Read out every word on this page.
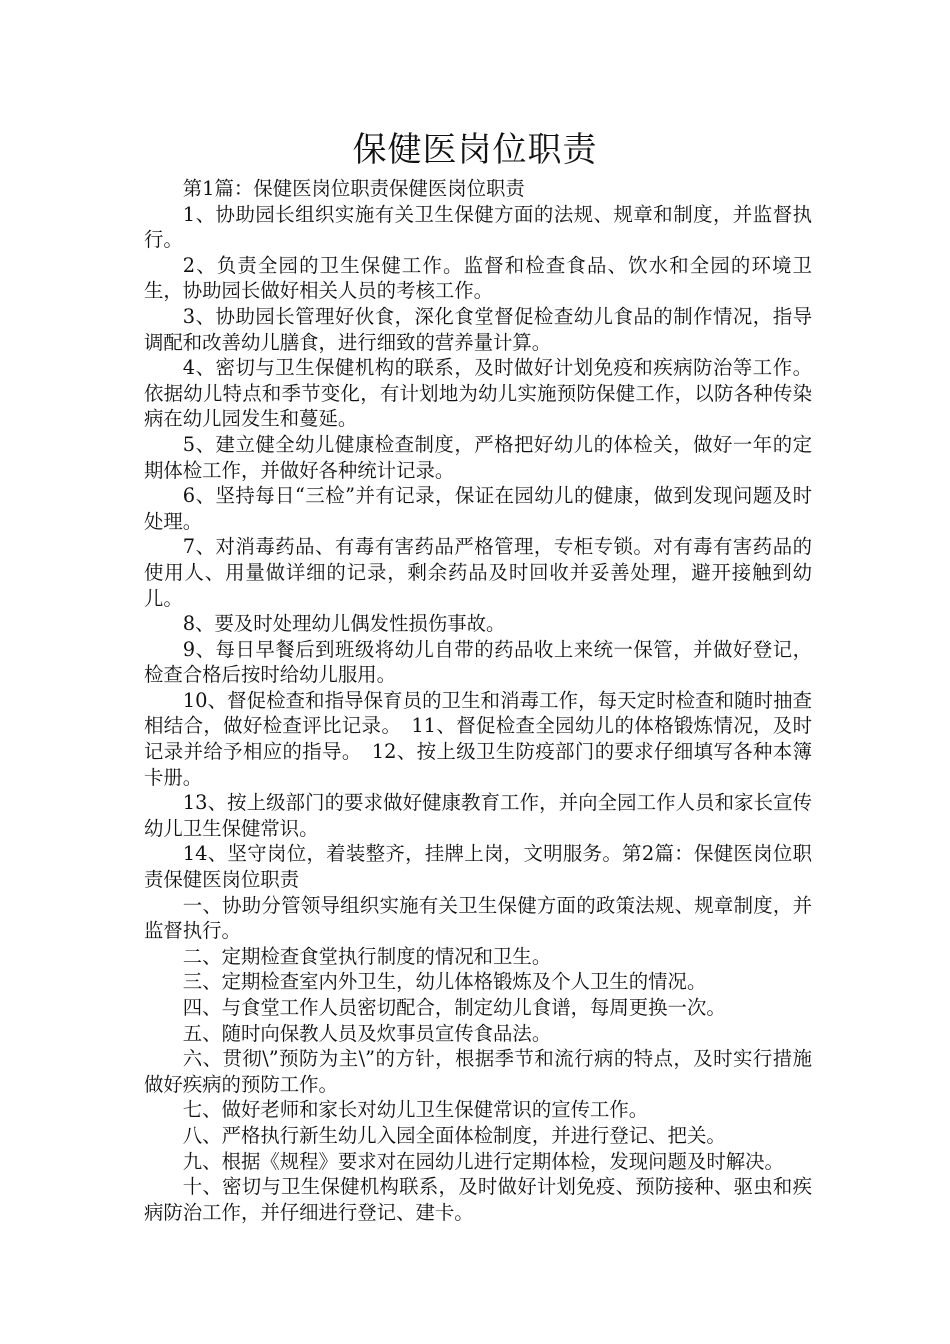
保健医岗位职责

第1篇：保健医岗位职责保健医岗位职责

1、协助园长组织实施有关卫生保健方面的法规、规章和制度，并监督执行。

2、负责全园的卫生保健工作。监督和检查食品、饮水和全园的环境卫生，协助园长做好相关人员的考核工作。

3、协助园长管理好伙食，深化食堂督促检查幼儿食品的制作情况，指导调配和改善幼儿膳食，进行细致的营养量计算。

4、密切与卫生保健机构的联系，及时做好计划免疫和疾病防治等工作。依据幼儿特点和季节变化，有计划地为幼儿实施预防保健工作，以防各种传染病在幼儿园发生和蔓延。

5、建立健全幼儿健康检查制度，严格把好幼儿的体检关，做好一年的定期体检工作，并做好各种统计记录。

6、坚持每日“三检”并有记录，保证在园幼儿的健康，做到发现问题及时处理。

7、对消毒药品、有毒有害药品严格管理，专柜专锁。对有毒有害药品的使用人、用量做详细的记录，剩余药品及时回收并妥善处理，避开接触到幼儿。

8、要及时处理幼儿偶发性损伤事故。

9、每日早餐后到班级将幼儿自带的药品收上来统一保管，并做好登记，检查合格后按时给幼儿服用。

10、督促检查和指导保育员的卫生和消毒工作，每天定时检查和随时抽查相结合，做好检查评比记录。　11、督促检查全园幼儿的体格锻炼情况，及时记录并给予相应的指导。　12、按上级卫生防疫部门的要求仔细填写各种本簿卡册。

13、按上级部门的要求做好健康教育工作，并向全园工作人员和家长宣传幼儿卫生保健常识。

14、坚守岗位，着装整齐，挂牌上岗，文明服务。第2篇：保健医岗位职责保健医岗位职责

一、协助分管领导组织实施有关卫生保健方面的政策法规、规章制度，并监督执行。

二、定期检查食堂执行制度的情况和卫生。

三、定期检查室内外卫生，幼儿体格锻炼及个人卫生的情况。

四、与食堂工作人员密切配合，制定幼儿食谱，每周更换一次。

五、随时向保教人员及炊事员宣传食品法。

六、贯彻\”预防为主\”的方针，根据季节和流行病的特点，及时实行措施做好疾病的预防工作。

七、做好老师和家长对幼儿卫生保健常识的宣传工作。

八、严格执行新生幼儿入园全面体检制度，并进行登记、把关。

九、根据《规程》要求对在园幼儿进行定期体检，发现问题及时解决。

十、密切与卫生保健机构联系，及时做好计划免疫、预防接种、驱虫和疾病防治工作，并仔细进行登记、建卡。
